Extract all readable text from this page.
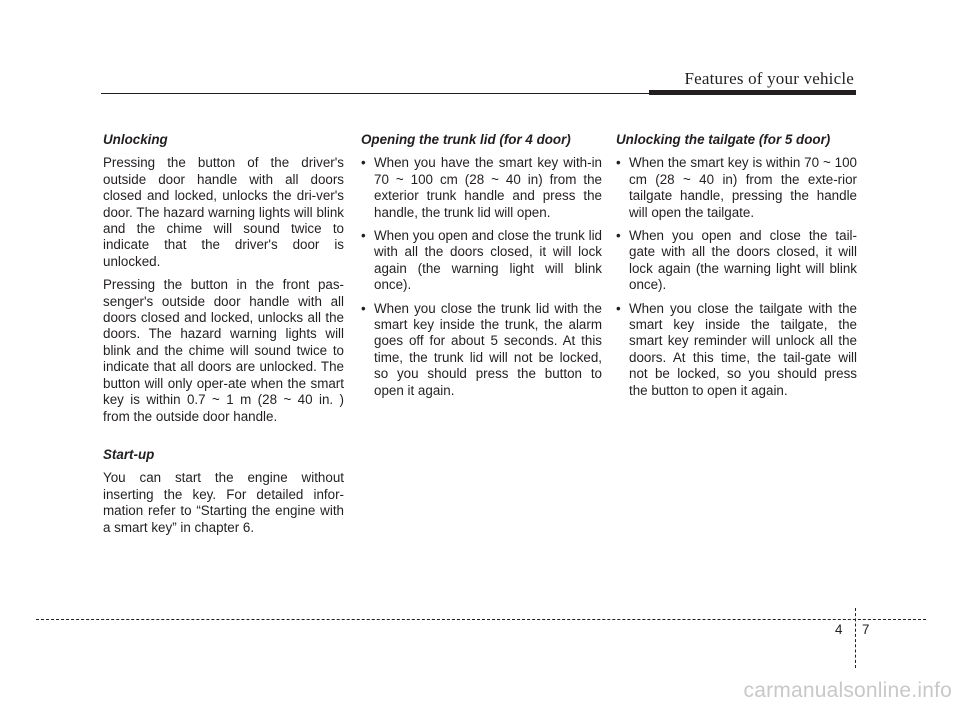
Features of your vehicle
Unlocking

Pressing the button of the driver's outside door handle with all doors closed and locked, unlocks the dri-ver's door. The hazard warning lights will blink and the chime will sound twice to indicate that the driver's door is unlocked.

Pressing the button in the front pas-senger's outside door handle with all doors closed and locked, unlocks all the doors. The hazard warning lights will blink and the chime will sound twice to indicate that all doors are unlocked. The button will only oper-ate when the smart key is within 0.7 ~ 1 m (28 ~ 40 in. ) from the outside door handle.

Start-up

You can start the engine without inserting the key. For detailed infor-mation refer to “Starting the engine with a smart key” in chapter 6.

Opening the trunk lid (for 4 door)
• When you have the smart key with-in 70 ~ 100 cm (28 ~ 40 in) from the exterior trunk handle and press the handle, the trunk lid will open.
• When you open and close the trunk lid with all the doors closed, it will lock again (the warning light will blink once).
• When you close the trunk lid with the smart key inside the trunk, the alarm goes off for about 5 seconds. At this time, the trunk lid will not be locked, so you should press the button to open it again.
Unlocking the tailgate (for 5 door)
• When the smart key is within 70 ~ 100 cm (28 ~ 40 in) from the exte-rior tailgate handle, pressing the handle will open the tailgate.
• When you open and close the tail-gate with all the doors closed, it will lock again (the warning light will blink once).
• When you close the tailgate with the smart key inside the tailgate, the smart key reminder will unlock all the doors. At this time, the tail-gate will not be locked, so you should press the button to open it again.
4 7
carmanualsonline.info
